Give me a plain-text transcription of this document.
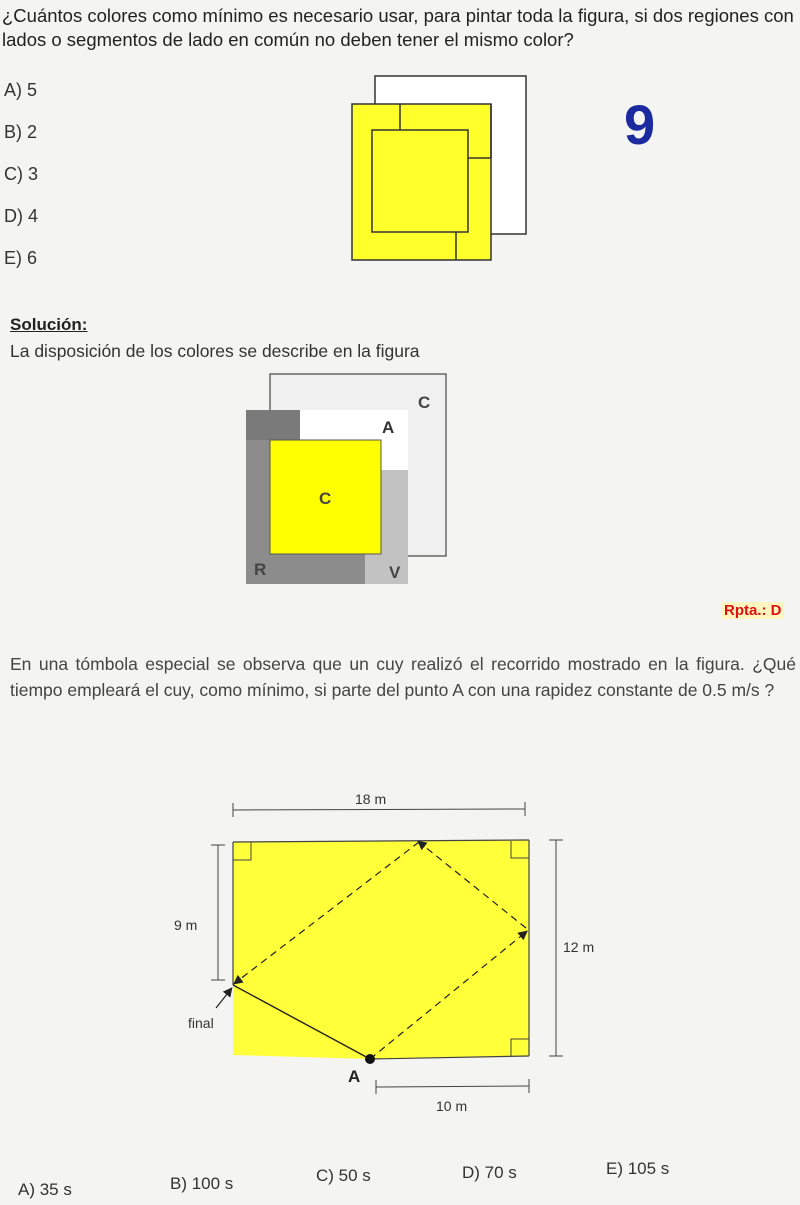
¿Cuántos colores como mínimo es necesario usar, para pintar toda la figura, si dos regiones con lados o segmentos de lado en común no deben tener el mismo color?
A) 5
B) 2
C) 3
D) 4
E) 6
9
Solución:
La disposición de los colores se describe en la figura
C
A
C
R	V
Rpta.: D
En una tómbola especial se observa que un cuy realizó el recorrido mostrado en la figura. ¿Qué tiempo empleará el cuy, como mínimo, si parte del punto A con una rapidez constante de 0.5 m/s ?
18 m
9 m
12 m
10 m
final
A
A) 35 s	B) 100 s	C) 50 s	D) 70 s	E) 105 s
